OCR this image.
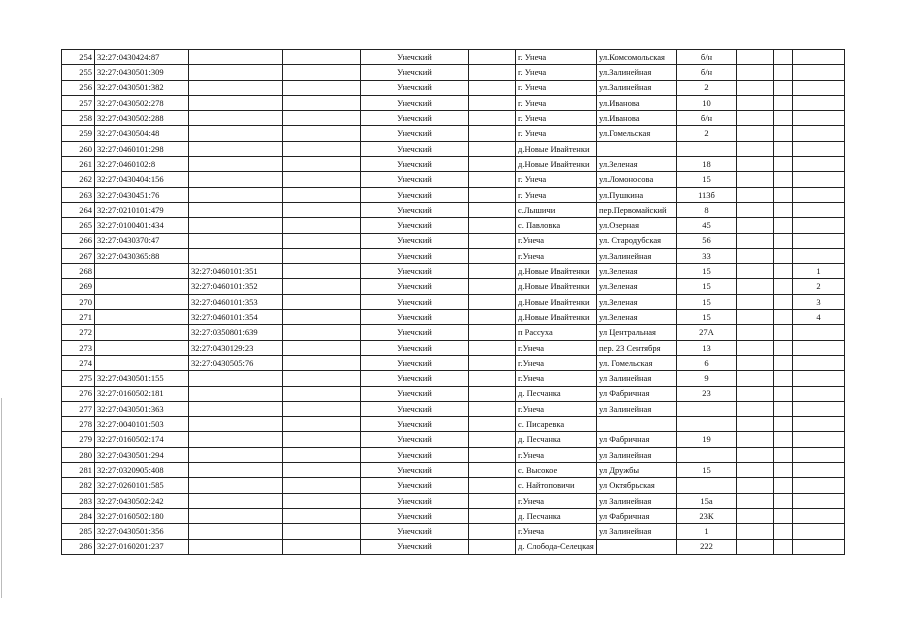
254	32:27:0430424:87			Унечский		г. Унеча	ул.Комсомольская	б/н			
255	32:27:0430501:309			Унечский		г. Унеча	ул.Залинейная	б/н			
256	32:27:0430501:382			Унечский		г. Унеча	ул.Залинейная	2			
257	32:27:0430502:278			Унечский		г. Унеча	ул.Иванова	10			
258	32:27:0430502:288			Унечский		г. Унеча	ул.Иванова	б/н			
259	32:27:0430504:48			Унечский		г. Унеча	ул.Гомельская	2			
260	32:27:0460101:298			Унечский		д.Новые Ивайтенки					
261	32:27:0460102:8			Унечский		д.Новые Ивайтенки	ул.Зеленая	18			
262	32:27:0430404:156			Унечский		г. Унеча	ул.Ломоносова	15			
263	32:27:0430451:76			Унечский		г. Унеча	ул.Пушкина	113б			
264	32:27:0210101:479			Унечский		с.Лышичи	пер.Первомайский	8			
265	32:27:0100401:434			Унечский		с. Павловка	ул.Озерная	45			
266	32:27:0430370:47			Унечский		г.Унеча	ул. Стародубская	56			
267	32:27:0430365:88			Унечский		г.Унеча	ул.Залинейная	33			
268		32:27:0460101:351		Унечский		д.Новые Ивайтенки	ул.Зеленая	15			1
269		32:27:0460101:352		Унечский		д.Новые Ивайтенки	ул.Зеленая	15			2
270		32:27:0460101:353		Унечский		д.Новые Ивайтенки	ул.Зеленая	15			3
271		32:27:0460101:354		Унечский		д.Новые Ивайтенки	ул.Зеленая	15			4
272		32:27:0350801:639		Унечский		п Рассуха	ул Центральная	27А			
273		32:27:0430129:23		Унечский		г.Унеча	пер. 23 Сентября	13			
274		32:27:0430505:76		Унечский		г.Унеча	ул. Гомельская	6			
275	32:27:0430501:155			Унечский		г.Унеча	ул Залинейная	9			
276	32:27:0160502:181			Унечский		д. Песчанка	ул Фабричная	23			
277	32:27:0430501:363			Унечский		г.Унеча	ул Залинейная				
278	32:27:0040101:503			Унечский		с. Писаревка					
279	32:27:0160502:174			Унечский		д. Песчанка	ул Фабричная	19			
280	32:27:0430501:294			Унечский		г.Унеча	ул Залинейная				
281	32:27:0320905:408			Унечский		с. Высокое	ул Дружбы	15			
282	32:27:0260101:585			Унечский		с. Найтоповичи	ул Октябрьская				
283	32:27:0430502:242			Унечский		г.Унеча	ул Залинейная	15а			
284	32:27:0160502:180			Унечский		д. Песчанка	ул Фабричная	23К			
285	32:27:0430501:356			Унечский		г.Унеча	ул Залинейная	1			
286	32:27:0160201:237			Унечский		д. Слобода-Селецкая		222			
